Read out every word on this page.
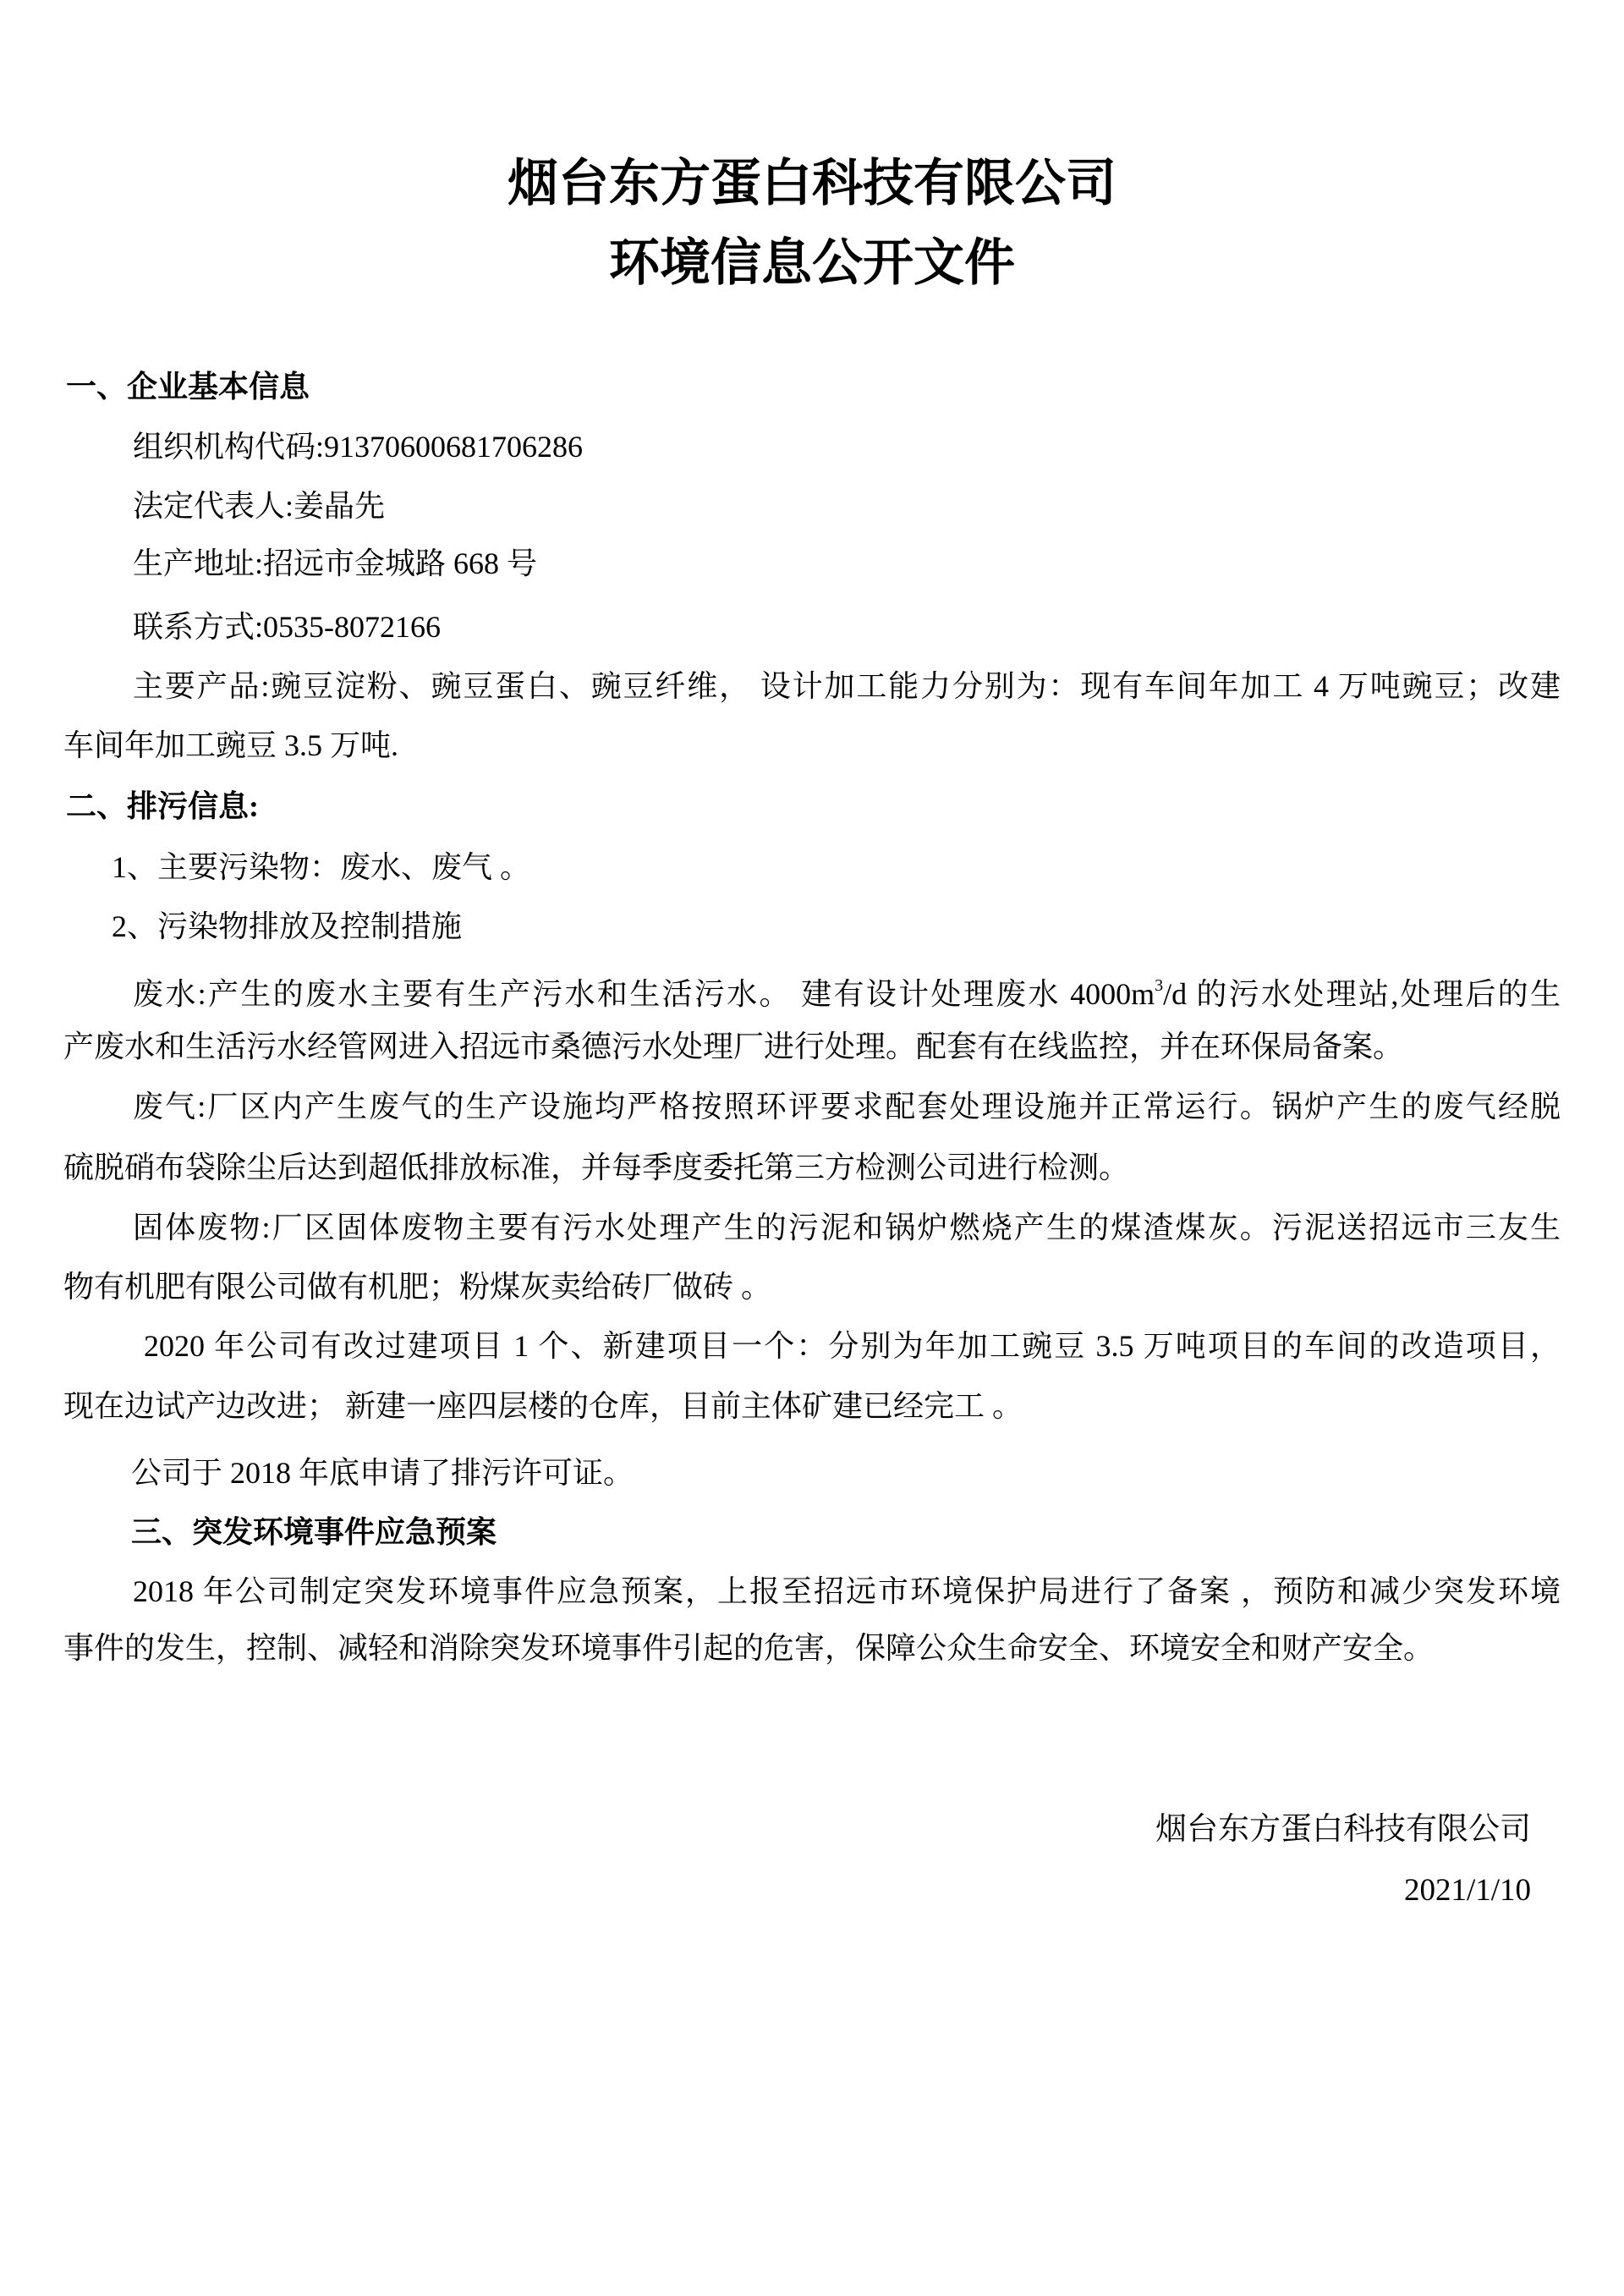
烟台东方蛋白科技有限公司
环境信息公开文件
一、企业基本信息
组织机构代码:91370600681706286
法定代表人:姜晶先
生产地址:招远市金城路 668 号
联系方式:0535-8072166
主要产品:豌豆淀粉、豌豆蛋白、豌豆纤维， 设计加工能力分别为：现有车间年加工 4 万吨豌豆；改建
车间年加工豌豆 3.5 万吨.
二、排污信息:
1、主要污染物：废水、废气 。
2、污染物排放及控制措施
废水:产生的废水主要有生产污水和生活污水。 建有设计处理废水 $4000m^3/d$ 的污水处理站,处理后的生
产废水和生活污水经管网进入招远市桑德污水处理厂进行处理。配套有在线监控，并在环保局备案。
废气:厂区内产生废气的生产设施均严格按照环评要求配套处理设施并正常运行。锅炉产生的废气经脱
硫脱硝布袋除尘后达到超低排放标准，并每季度委托第三方检测公司进行检测。
固体废物:厂区固体废物主要有污水处理产生的污泥和锅炉燃烧产生的煤渣煤灰。污泥送招远市三友生
物有机肥有限公司做有机肥；粉煤灰卖给砖厂做砖 。
2020 年公司有改过建项目 1 个、新建项目一个：分别为年加工豌豆 3.5 万吨项目的车间的改造项目，
现在边试产边改进； 新建一座四层楼的仓库，目前主体矿建已经完工 。
公司于 2018 年底申请了排污许可证。
三、突发环境事件应急预案
2018 年公司制定突发环境事件应急预案，上报至招远市环境保护局进行了备案 ，预防和减少突发环境
事件的发生，控制、减轻和消除突发环境事件引起的危害，保障公众生命安全、环境安全和财产安全。
烟台东方蛋白科技有限公司
2021/1/10
